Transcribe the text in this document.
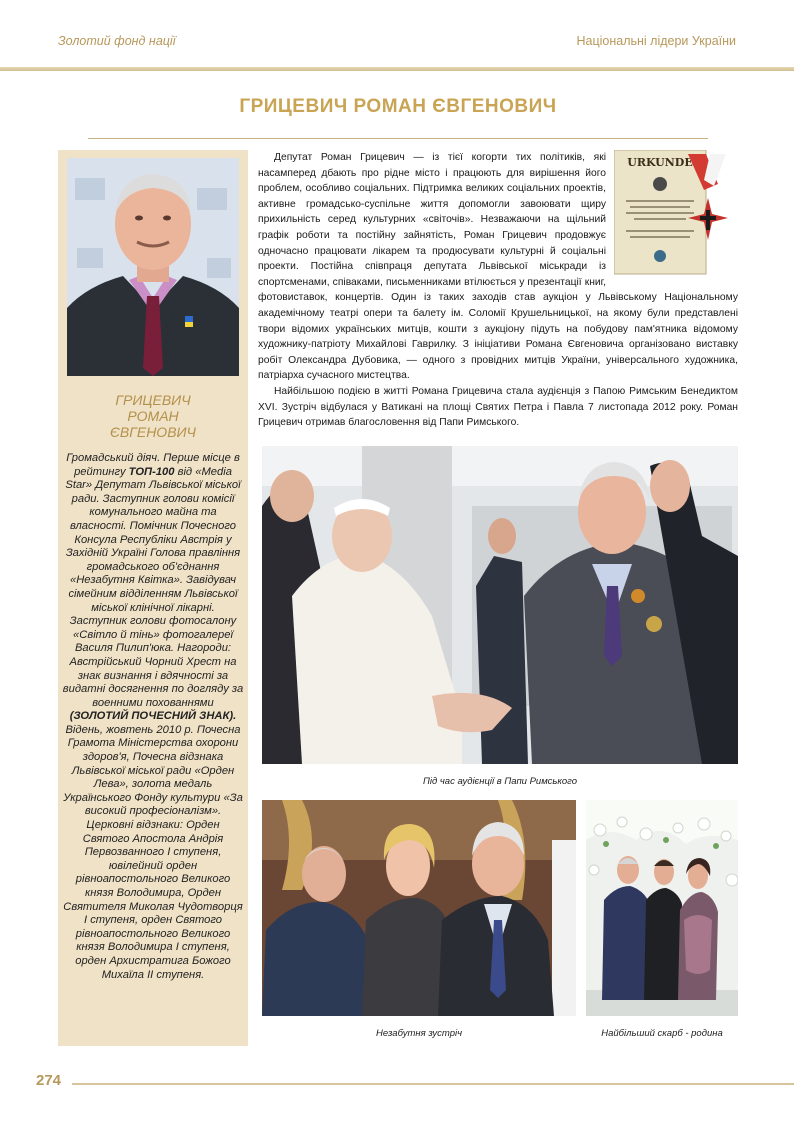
Золотий фонд нації	Національні лідери України
ГРИЦЕВИЧ РОМАН ЄВГЕНОВИЧ
ГРИЦЕВИЧ
РОМАН
ЄВГЕНОВИЧ
Громадський діяч. Перше місце в рейтингу ТОП-100 від «Media Star» Депутат Львівської міської ради. Заступник голови комісії комунального майна та власності. Помічник Почесного Консула Республіки Австрія у Західній Україні Голова правління громадського об'єднання «Незабутня Квітка». Завідувач сімейним відділенням Львівської міської клінічної лікарні. Заступник голови фотосалону «Світло й тінь» фотогалереї Василя Пилип'юка. Нагороди: Австрійський Чорний Хрест на знак визнання і вдячності за видатні досягнення по догляду за военними похованнями (ЗОЛОТИЙ ПОЧЕСНИЙ ЗНАК). Відень, жовтень 2010 р. Почесна Грамота Міністерства охорони здоров'я, Почесна відзнака Львівської міської ради «Орден Лева», золота медаль Українського Фонду культури «За високий професіоналізм». Церковні відзнаки: Орден Святого Апостола Андрія Первозванного I ступеня, ювілейний орден рівноапостольного Великого князя Володимира, Орден Святителя Миколая Чудотворця I ступеня, орден Святого рівноапостольного Великого князя Володимира I ступеня, орден Архистратига Божого Михаїла II ступеня.
URKUNDE

Депутат Роман Грицевич — із тієї когорти тих політиків, які насамперед дбають про рідне місто і працюють для вирішення його проблем, особливо соціальних. Підтримка великих соціальних проектів, активне громадсько-суспільне життя допомогли завоювати щиру прихильність серед культурних «світочів». Незважаючи на щільний графік роботи та постійну зайнятість, Роман Грицевич продовжує одночасно працювати лікарем та продюсувати культурні й соціальні проекти. Постійна співпраця депутата Львівської міськради із спортсменами, співаками, письменниками втілюється у презентації книг, фотовиставок, концертів. Один із таких заходів став аукціон у Львівському Національному академічному театрі опери та балету ім. Соломії Крушельницької, на якому були представлені твори відомих українських митців, кошти з аукціону підуть на побудову пам'ятника відомому художнику-патріоту Михайлові Гаврилку. З ініціативи Романа Євгеновича організовано виставку робіт Олександра Дубовика, — одного з провідних митців України, універсального художника, патріарха сучасного мистецтва.

Найбільшою подією в житті Романа Грицевича стала аудієнція з Папою Римським Бенедиктом XVI. Зустріч відбулася у Ватикані на площі Святих Петра і Павла 7 листопада 2012 року. Роман Грицевич отримав благословення від Папи Римського.

Під час аудієнції в Папи Римського
Незабутня зустріч	Найбільший скарб - родина
274
